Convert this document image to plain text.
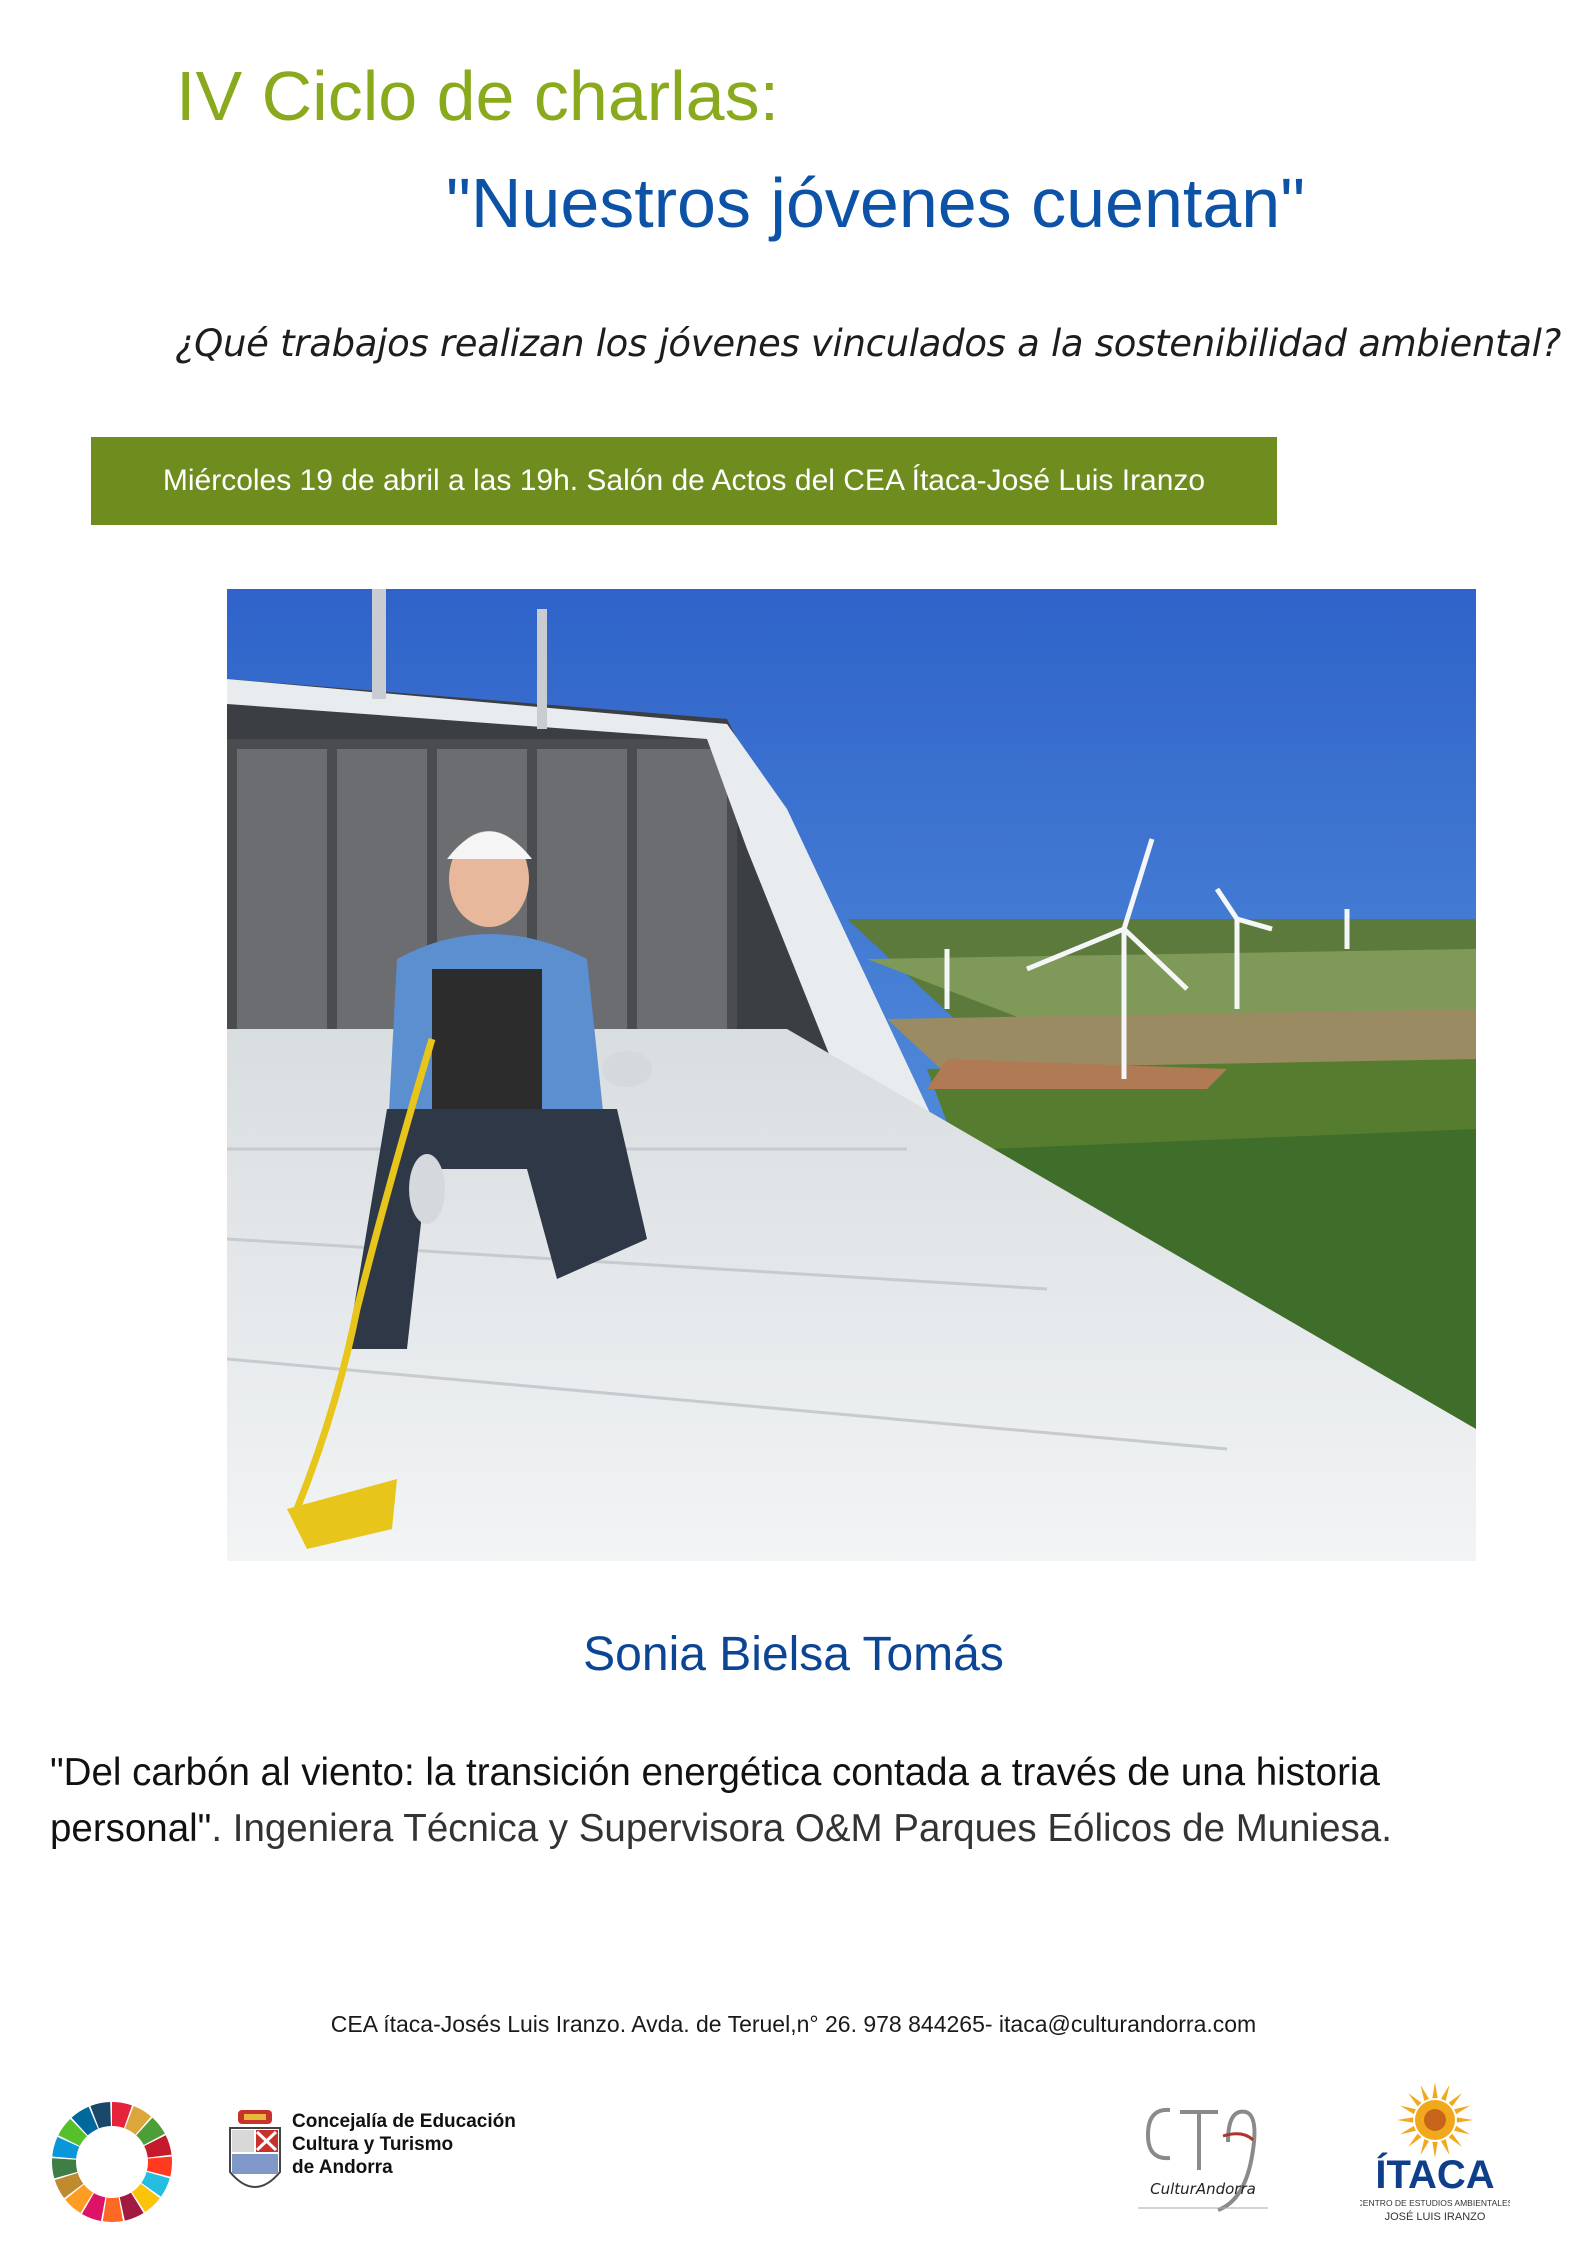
IV Ciclo de charlas:
"Nuestros jóvenes cuentan"
¿Qué trabajos realizan los jóvenes vinculados a la sostenibilidad ambiental?
Miércoles 19 de abril a las 19h. Salón de Actos del CEA Ítaca-José Luis Iranzo
Sonia Bielsa Tomás
"Del carbón al viento: la transición energética contada a través de una historia personal". Ingeniera Técnica y Supervisora O&M Parques Eólicos de Muniesa.
CEA ítaca-Josés Luis Iranzo. Avda. de Teruel,n° 26. 978 844265- itaca@culturandorra.com
Concejalía de Educación
Cultura y Turismo
de Andorra
CulturAndorra	ÍTACA
CENTRO DE ESTUDIOS AMBIENTALES
JOSÉ LUIS IRANZO
